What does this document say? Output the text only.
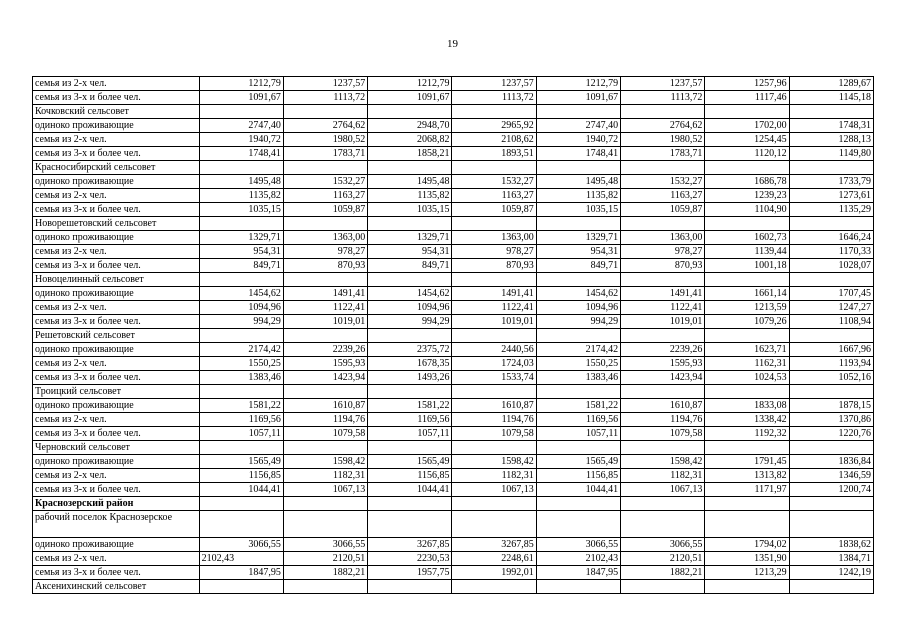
19
семья из 2-х чел.	1212,79	1237,57	1212,79	1237,57	1212,79	1237,57	1257,96	1289,67
семья из 3-х и более чел.	1091,67	1113,72	1091,67	1113,72	1091,67	1113,72	1117,46	1145,18
Кочковский сельсовет								
одиноко проживающие	2747,40	2764,62	2948,70	2965,92	2747,40	2764,62	1702,00	1748,31
семья из 2-х чел.	1940,72	1980,52	2068,82	2108,62	1940,72	1980,52	1254,45	1288,13
семья из 3-х и более чел.	1748,41	1783,71	1858,21	1893,51	1748,41	1783,71	1120,12	1149,80
Красносибирский сельсовет								
одиноко проживающие	1495,48	1532,27	1495,48	1532,27	1495,48	1532,27	1686,78	1733,79
семья из 2-х чел.	1135,82	1163,27	1135,82	1163,27	1135,82	1163,27	1239,23	1273,61
семья из 3-х и более чел.	1035,15	1059,87	1035,15	1059,87	1035,15	1059,87	1104,90	1135,29
Новорешетовский сельсовет								
одиноко проживающие	1329,71	1363,00	1329,71	1363,00	1329,71	1363,00	1602,73	1646,24
семья из 2-х чел.	954,31	978,27	954,31	978,27	954,31	978,27	1139,44	1170,33
семья из 3-х и более чел.	849,71	870,93	849,71	870,93	849,71	870,93	1001,18	1028,07
Новоцелинный сельсовет								
одиноко проживающие	1454,62	1491,41	1454,62	1491,41	1454,62	1491,41	1661,14	1707,45
семья из 2-х чел.	1094,96	1122,41	1094,96	1122,41	1094,96	1122,41	1213,59	1247,27
семья из 3-х и более чел.	994,29	1019,01	994,29	1019,01	994,29	1019,01	1079,26	1108,94
Решетовский сельсовет								
одиноко проживающие	2174,42	2239,26	2375,72	2440,56	2174,42	2239,26	1623,71	1667,96
семья из 2-х чел.	1550,25	1595,93	1678,35	1724,03	1550,25	1595,93	1162,31	1193,94
семья из 3-х и более чел.	1383,46	1423,94	1493,26	1533,74	1383,46	1423,94	1024,53	1052,16
Троицкий сельсовет								
одиноко проживающие	1581,22	1610,87	1581,22	1610,87	1581,22	1610,87	1833,08	1878,15
семья из 2-х чел.	1169,56	1194,76	1169,56	1194,76	1169,56	1194,76	1338,42	1370,86
семья из 3-х и более чел.	1057,11	1079,58	1057,11	1079,58	1057,11	1079,58	1192,32	1220,76
Черновский сельсовет								
одиноко проживающие	1565,49	1598,42	1565,49	1598,42	1565,49	1598,42	1791,45	1836,84
семья из 2-х чел.	1156,85	1182,31	1156,85	1182,31	1156,85	1182,31	1313,82	1346,59
семья из 3-х и более чел.	1044,41	1067,13	1044,41	1067,13	1044,41	1067,13	1171,97	1200,74
Краснозерский район								
рабочий поселок Краснозерское								
одиноко проживающие	3066,55	3066,55	3267,85	3267,85	3066,55	3066,55	1794,02	1838,62
семья из 2-х чел.	2102,43	2120,51	2230,53	2248,61	2102,43	2120,51	1351,90	1384,71
семья из 3-х и более чел.	1847,95	1882,21	1957,75	1992,01	1847,95	1882,21	1213,29	1242,19
Аксенихинский сельсовет								
